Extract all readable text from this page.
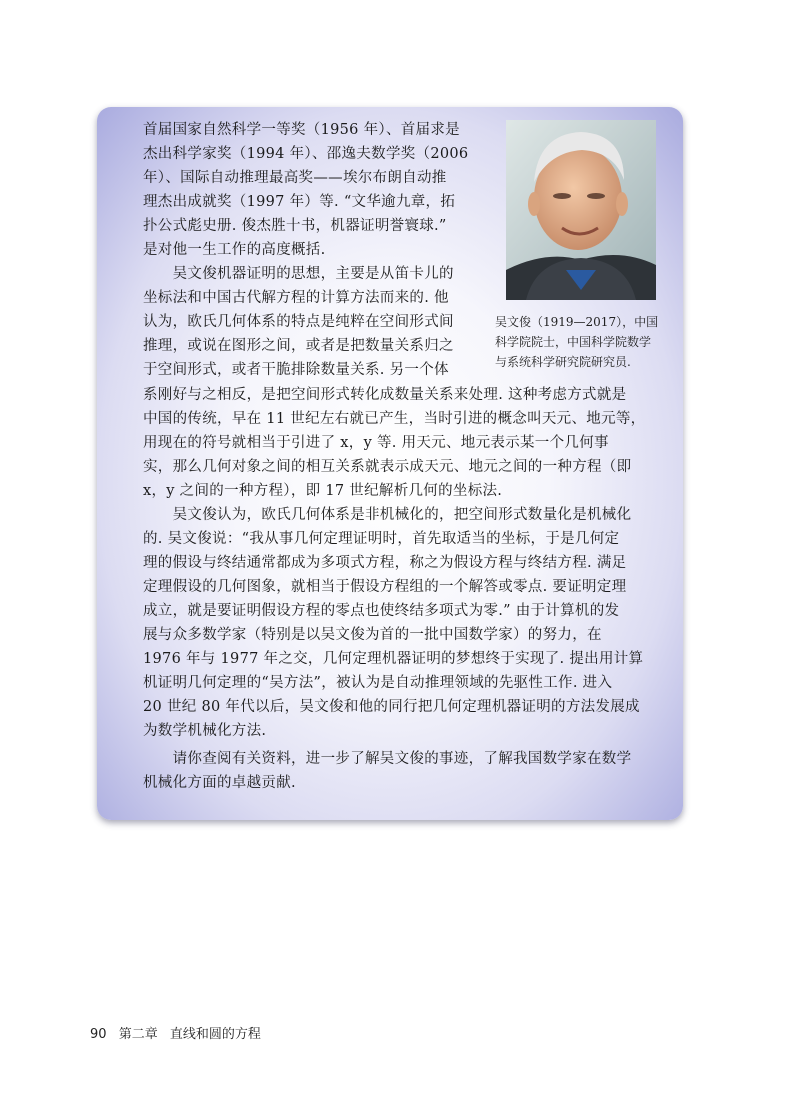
吴文俊（1919—2017），中国
科学院院士，中国科学院数学
与系统科学研究院研究员.
首届国家自然科学一等奖（1956 年）、首届求是
杰出科学家奖（1994 年）、邵逸夫数学奖（2006
年）、国际自动推理最高奖——埃尔布朗自动推
理杰出成就奖（1997 年）等. “文华逾九章，拓
扑公式彪史册. 俊杰胜十书，机器证明誉寰球.”
是对他一生工作的高度概括.
　　吴文俊机器证明的思想，主要是从笛卡儿的
坐标法和中国古代解方程的计算方法而来的. 他
认为，欧氏几何体系的特点是纯粹在空间形式间
推理，或说在图形之间，或者是把数量关系归之
于空间形式，或者干脆排除数量关系. 另一个体
系刚好与之相反，是把空间形式转化成数量关系来处理. 这种考虑方式就是
中国的传统，早在 11 世纪左右就已产生，当时引进的概念叫天元、地元等，
用现在的符号就相当于引进了 x，y 等. 用天元、地元表示某一个几何事
实，那么几何对象之间的相互关系就表示成天元、地元之间的一种方程（即
x，y 之间的一种方程），即 17 世纪解析几何的坐标法.
　　吴文俊认为，欧氏几何体系是非机械化的，把空间形式数量化是机械化
的. 吴文俊说：“我从事几何定理证明时，首先取适当的坐标，于是几何定
理的假设与终结通常都成为多项式方程，称之为假设方程与终结方程. 满足
定理假设的几何图象，就相当于假设方程组的一个解答或零点. 要证明定理
成立，就是要证明假设方程的零点也使终结多项式为零.” 由于计算机的发
展与众多数学家（特别是以吴文俊为首的一批中国数学家）的努力，在
1976 年与 1977 年之交，几何定理机器证明的梦想终于实现了. 提出用计算
机证明几何定理的“吴方法”，被认为是自动推理领域的先驱性工作. 进入
20 世纪 80 年代以后，吴文俊和他的同行把几何定理机器证明的方法发展成
为数学机械化方法.
　　请你查阅有关资料，进一步了解吴文俊的事迹，了解我国数学家在数学
机械化方面的卓越贡献.
90 第二章 直线和圆的方程
